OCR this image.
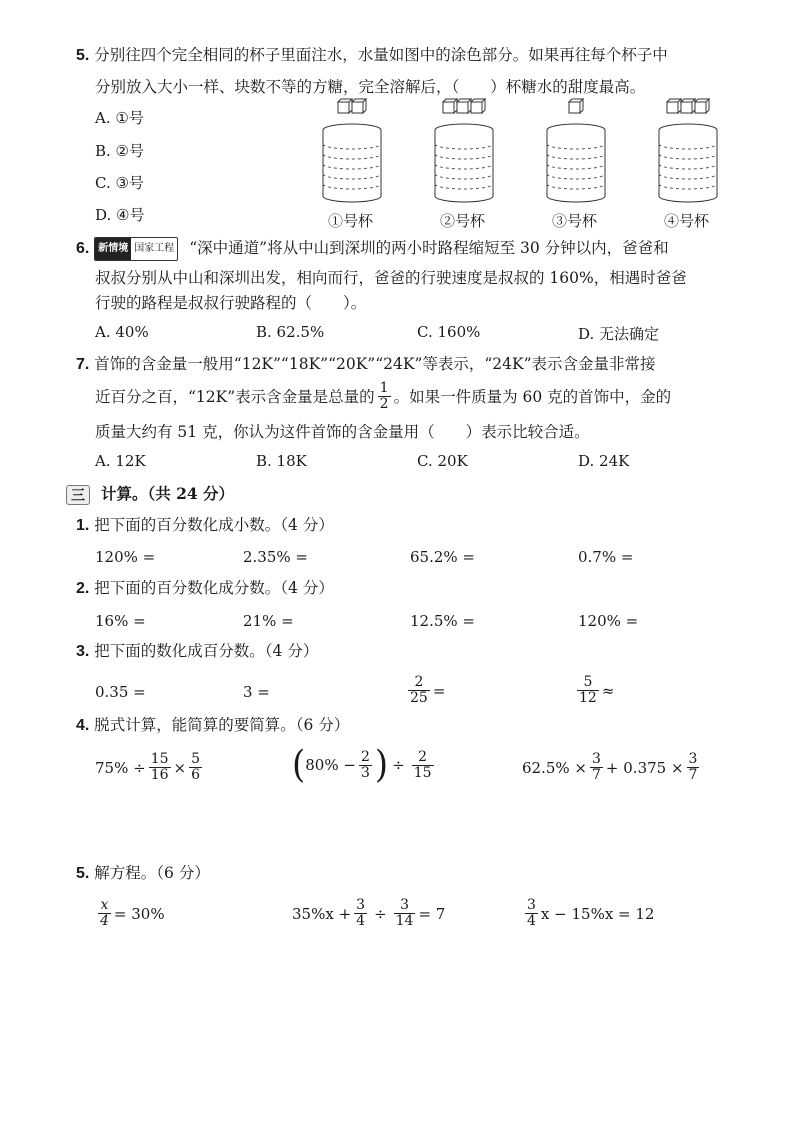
5. 分别往四个完全相同的杯子里面注水，水量如图中的涂色部分。如果再往每个杯子中
分别放入大小一样、块数不等的方糖，完全溶解后，（　　）杯糖水的甜度最高。
A. ①号
B. ②号
C. ③号
D. ④号	①号杯	②号杯	③号杯	④号杯
6. 新情境 国家工程 “深中通道”将从中山到深圳的两小时路程缩短至 30 分钟以内，爸爸和
叔叔分别从中山和深圳出发，相向而行，爸爸的行驶速度是叔叔的 160%，相遇时爸爸
行驶的路程是叔叔行驶路程的（　　）。
A. 40%	B. 62.5%	C. 160%	D. 无法确定
7. 首饰的含金量一般用“12K”“18K”“20K”“24K”等表示，“24K”表示含金量非常接
近百分之百，“12K”表示含金量是总量的 $\frac{1}{2}$ 。如果一件质量为 60 克的首饰中，金的
质量大约有 51 克，你认为这件首饰的含金量用（　　）表示比较合适。
A. 12K	B. 18K	C. 20K	D. 24K
三 计算。（共 24 分）
1. 把下面的百分数化成小数。（4 分）
120% =	2.35% =	65.2% =	0.7% =
2. 把下面的百分数化成分数。（4 分）
16% =	21% =	12.5% =	120% =
3. 把下面的数化成百分数。（4 分）
0.35 =	3 =	$\frac{2}{25}$ =	$\frac{5}{12}$ ≈
4. 脱式计算，能简算的要简算。（6 分）
$75\% \div \frac{15}{16} \times \frac{5}{6}$	( $80\% - \frac{2}{3}$ ) ÷ $\frac{2}{15}$	$62.5\% \times \frac{3}{7} + 0.375 \times \frac{3}{7}$
5. 解方程。（6 分）
$\frac{x}{4} = 30\%$	$35\%x + \frac{3}{4} \div \frac{3}{14} = 7$	$\frac{3}{4}$ x − 15%x = 12
